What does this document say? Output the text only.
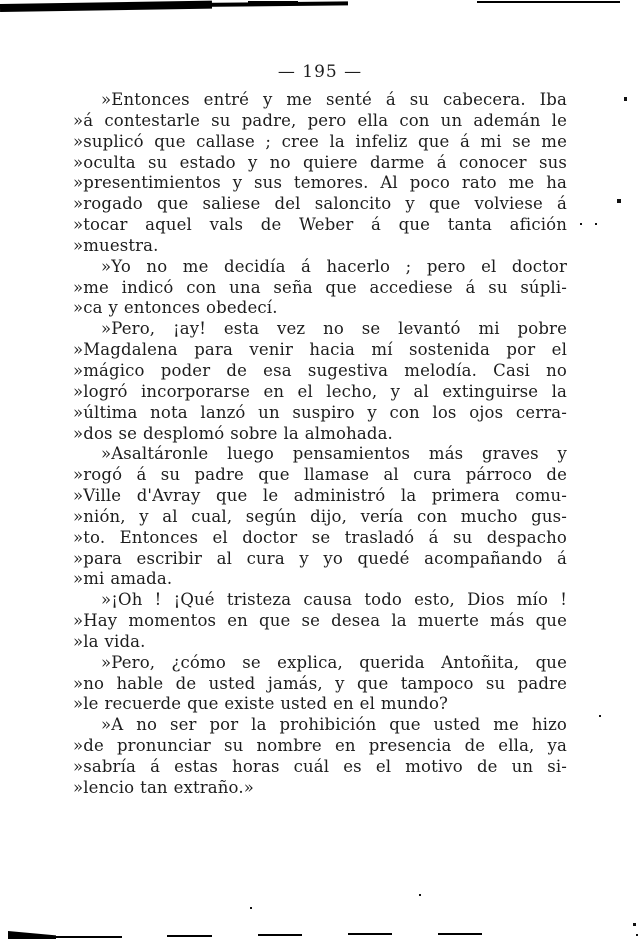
— 195 —
»Entonces entré y me senté á su cabecera. Iba
»á contestarle su padre, pero ella con un ademán le
»suplicó que callase ; cree la infeliz que á mi se me
»oculta su estado y no quiere darme á conocer sus
»presentimientos y sus temores. Al poco rato me ha
»rogado que saliese del saloncito y que volviese á
»tocar aquel vals de Weber á que tanta afición
»muestra.
»Yo no me decidía á hacerlo ; pero el doctor
»me indicó con una seña que accediese á su súpli-
»ca y entonces obedecí.
»Pero, ¡ay! esta vez no se levantó mi pobre
»Magdalena para venir hacia mí sostenida por el
»mágico poder de esa sugestiva melodía. Casi no
»logró incorporarse en el lecho, y al extinguirse la
»última nota lanzó un suspiro y con los ojos cerra-
»dos se desplomó sobre la almohada.
»Asaltáronle luego pensamientos más graves y
»rogó á su padre que llamase al cura párroco de
»Ville d'Avray que le administró la primera comu-
»nión, y al cual, según dijo, vería con mucho gus-
»to. Entonces el doctor se trasladó á su despacho
»para escribir al cura y yo quedé acompañando á
»mi amada.
»¡Oh ! ¡Qué tristeza causa todo esto, Dios mío !
»Hay momentos en que se desea la muerte más que
»la vida.
»Pero, ¿cómo se explica, querida Antoñita, que
»no hable de usted jamás, y que tampoco su padre
»le recuerde que existe usted en el mundo?
»A no ser por la prohibición que usted me hizo
»de pronunciar su nombre en presencia de ella, ya
»sabría á estas horas cuál es el motivo de un si-
»lencio tan extraño.»
